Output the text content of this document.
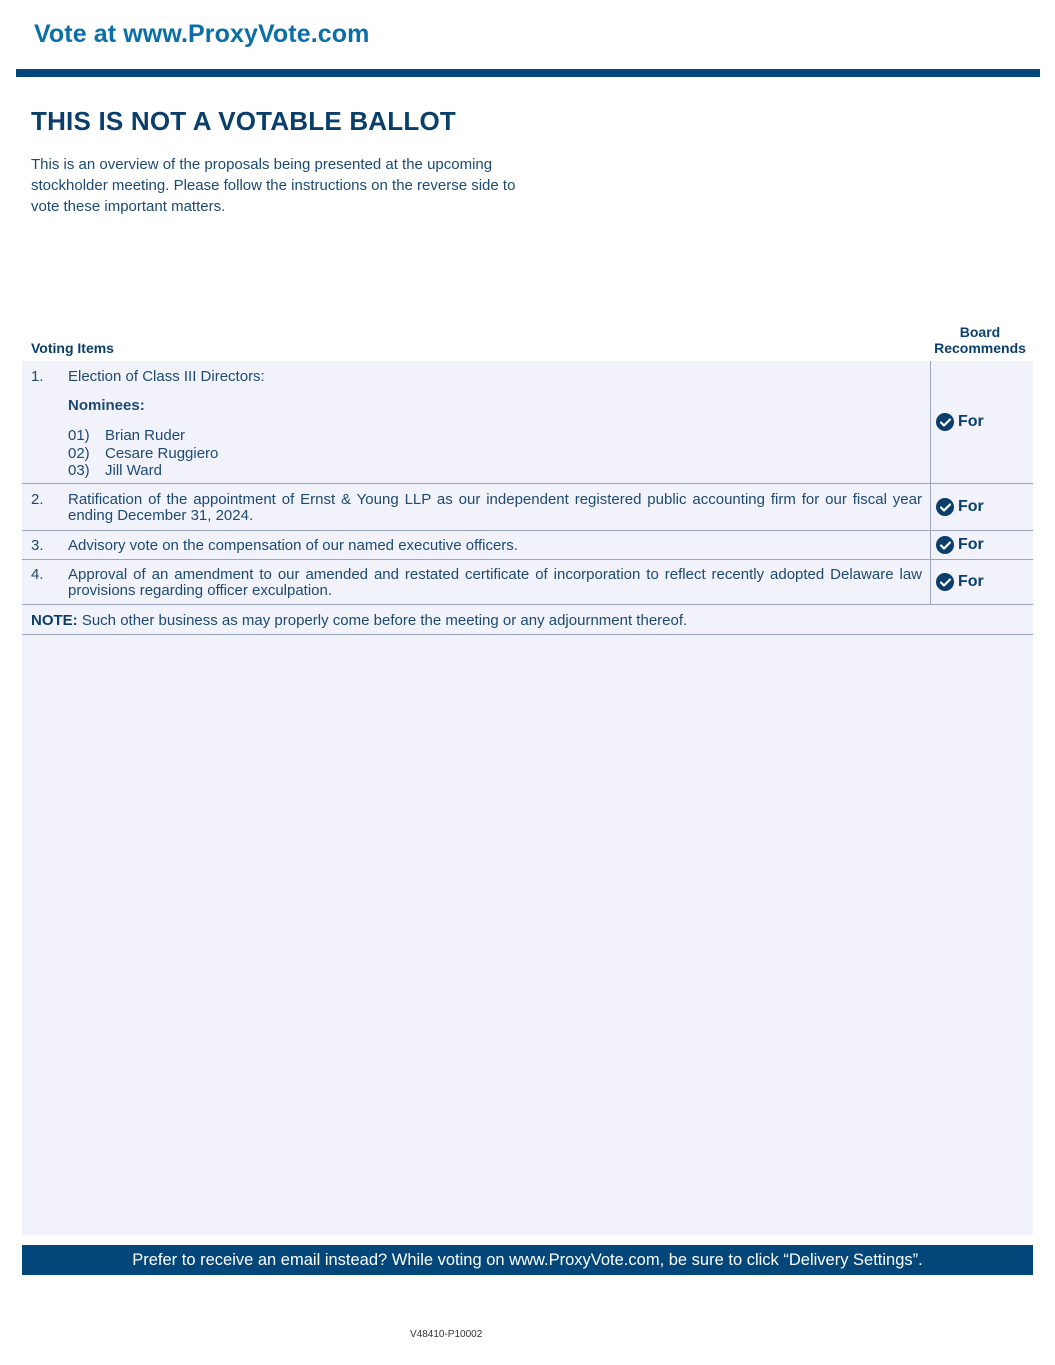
Vote at www.ProxyVote.com
THIS IS NOT A VOTABLE BALLOT

This is an overview of the proposals being presented at the upcoming stockholder meeting. Please follow the instructions on the reverse side to vote these important matters.

Voting Items
Board
Recommends
1. Election of Class III Directors:
Nominees:
01) Brian Ruder
02) Cesare Ruggiero
03) Jill Ward
For
2. Ratification of the appointment of Ernst & Young LLP as our independent registered public accounting firm for our fiscal year ending December 31, 2024.
For
3. Advisory vote on the compensation of our named executive officers.	For
4. Approval of an amendment to our amended and restated certificate of incorporation to reflect recently adopted Delaware law provisions regarding officer exculpation.
For
NOTE: Such other business as may properly come before the meeting or any adjournment thereof.
Prefer to receive an email instead? While voting on www.ProxyVote.com, be sure to click “Delivery Settings”.
V48410-P10002
